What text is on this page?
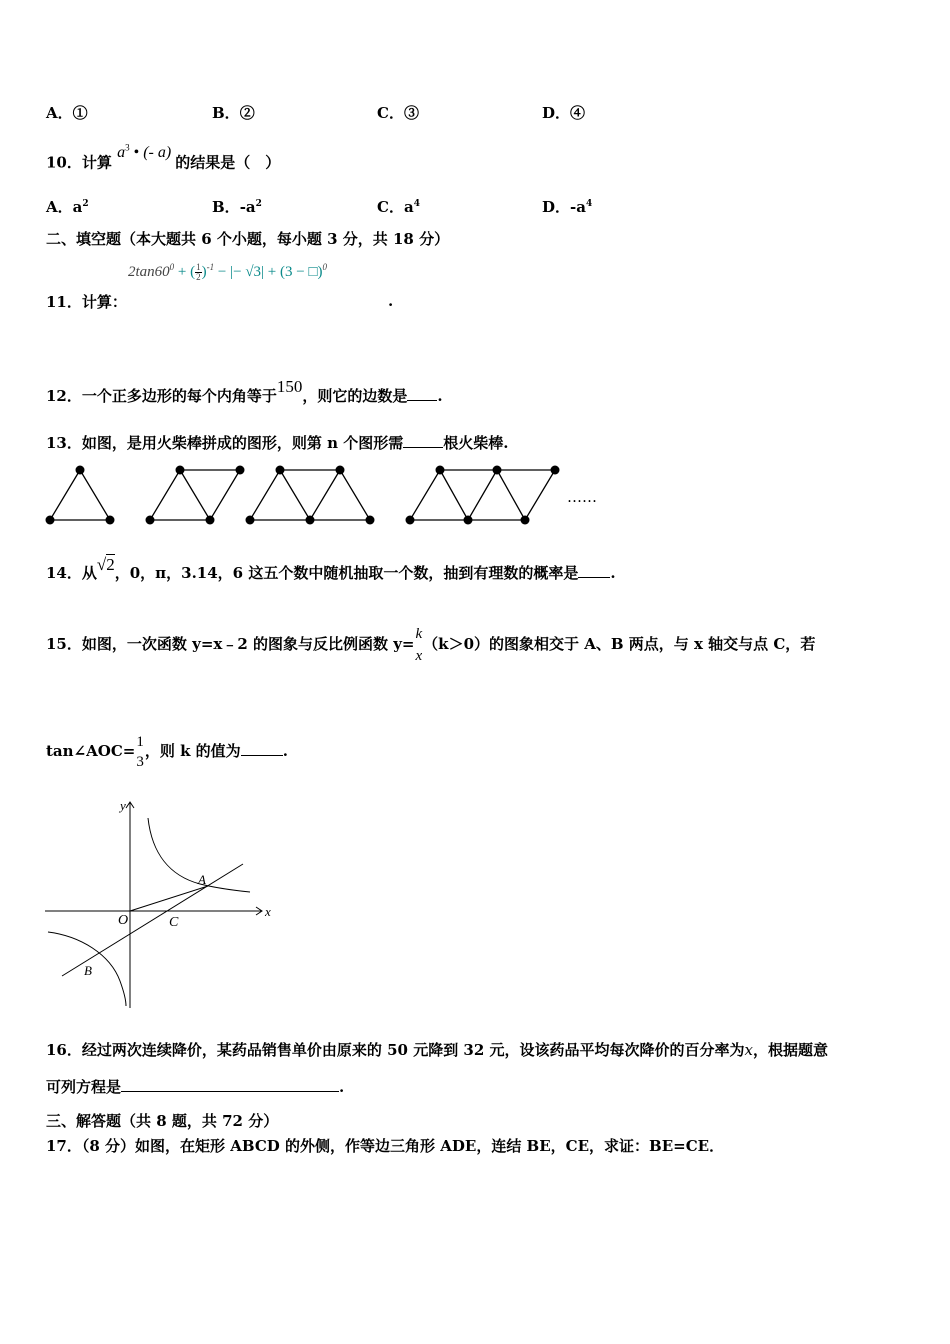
A．①	B．②	C．③	D．④
10．计算 $a^3$ • (- a) 的结果是（　）
A．$a^2$	B．$-a^2$	C．$a^4$	D．$-a^4$
二、填空题（本大题共 6 个小题，每小题 3 分，共 18 分）
$2\tan 60^0$ + ( $\frac{1}{2} )^{-1}$ − |− √3| + (3 − □)$^0$
11．计算：	.
12．一个正多边形的每个内角等于150，则它的边数是 .
13．如图，是用火柴棒拼成的图形，则第 n 个图形需	根火柴棒.
……
14．从√2，0，π，3.14，6 这五个数中随机抽取一个数，抽到有理数的概率是 .
15．如图，一次函数 y=x﹣2 的图象与反比例函数 y=
k
x
（k＞0）的图象相交于 A、B 两点，与 x 轴交与点 C，若
tan∠AOC= 1
3
，则 k 的值为	.
y
x
O	C
A
B
16．经过两次连续降价，某药品销售单价由原来的 50 元降到 32 元，设该药品平均每次降价的百分率为x，根据题意
可列方程是	.
三、解答题（共 8 题，共 72 分）
17．（8 分）如图，在矩形 ABCD 的外侧，作等边三角形 ADE，连结 BE，CE，求证：BE=CE．
